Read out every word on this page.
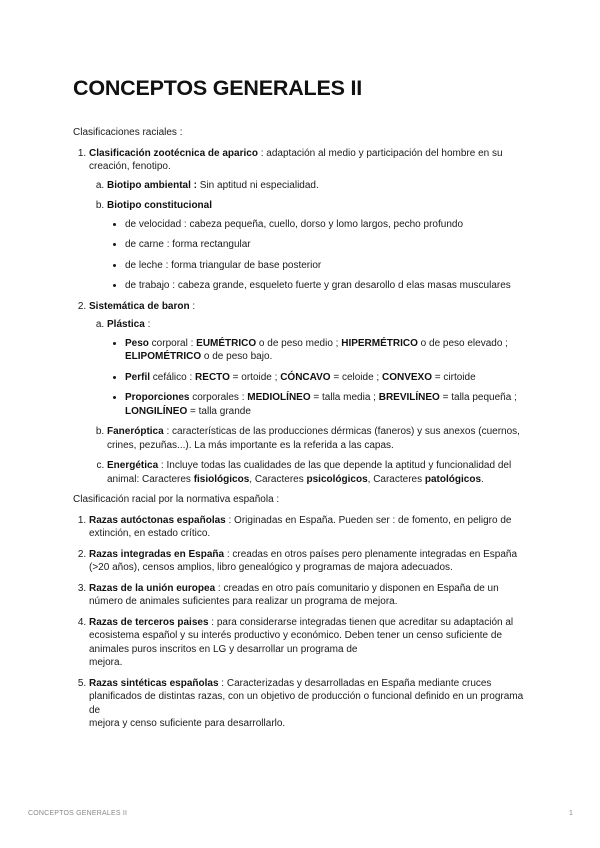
CONCEPTOS GENERALES II

Clasificaciones raciales :

1. Clasificación zootécnica de aparico : adaptación al medio y participación del hombre en su creación, fenotipo.
a. Biotipo ambiental : Sin aptitud ni especialidad.
b. Biotipo constitucional
• de velocidad : cabeza pequeña, cuello, dorso y lomo largos, pecho profundo
• de carne : forma rectangular
• de leche : forma triangular de base posterior
• de trabajo : cabeza grande, esqueleto fuerte y gran desarollo d elas masas musculares
2. Sistemática de baron :
a. Plástica :
• Peso corporal : EUMÉTRICO o de peso medio ; HIPERMÉTRICO o de peso elevado ; ELIPOMÉTRICO o de peso bajo.
• Perfil cefálico : RECTO = ortoide ; CÓNCAVO = celoide ; CONVEXO = cirtoide
• Proporciones corporales : MEDIOLÍNEO = talla media ; BREVILÍNEO = talla pequeña ; LONGILÍNEO = talla grande
b. Faneróptica : características de las producciones dérmicas (faneros) y sus anexos (cuernos, crines, pezuñas...). La más importante es la referida a las capas.
c. Energética : Incluye todas las cualidades de las que depende la aptitud y funcionalidad del animal: Caracteres fisiológicos, Caracteres psicológicos, Caracteres patológicos.

Clasificación racial por la normativa española :

1. Razas autóctonas españolas : Originadas en España. Pueden ser : de fomento, en peligro de extinción, en estado crítico.
2. Razas integradas en España : creadas en otros países pero plenamente integradas en España (>20 años), censos amplios, libro genealógico y programas de majora adecuados.
3. Razas de la unión europea : creadas en otro país comunitario y disponen en España de un número de animales suficientes para realizar un programa de mejora.
4. Razas de terceros paises : para considerarse integradas tienen que acreditar su adaptación al ecosistema español y su interés productivo y económico. Deben tener un censo suficiente de animales puros inscritos en LG y desarrollar un programa de
mejora.
5. Razas sintéticas españolas : Caracterizadas y desarrolladas en España mediante cruces planificados de distintas razas, con un objetivo de producción o funcional definido en un programa de
mejora y censo suficiente para desarrollarlo.
CONCEPTOS GENERALES II	1
